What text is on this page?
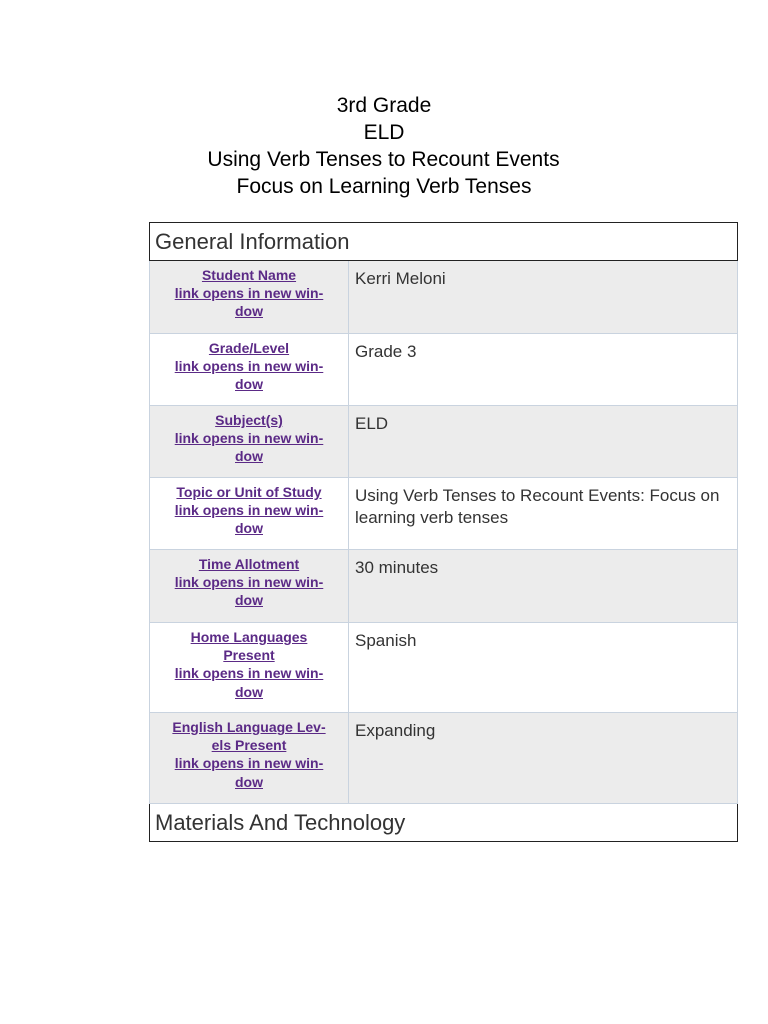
3rd Grade
ELD
Using Verb Tenses to Recount Events
Focus on Learning Verb Tenses
General Information	
Student Name
link opens in new win-
dow	Kerri Meloni
Grade/Level
link opens in new win-
dow	Grade 3
Subject(s)
link opens in new win-
dow	ELD
Topic or Unit of Study
link opens in new win-
dow	Using Verb Tenses to Recount Events: Focus on learning verb tenses
Time Allotment
link opens in new win-
dow	30 minutes
Home Languages
Present
link opens in new win-
dow	Spanish
English Language Lev-
els Present
link opens in new win-
dow	Expanding
Materials And Technology	
